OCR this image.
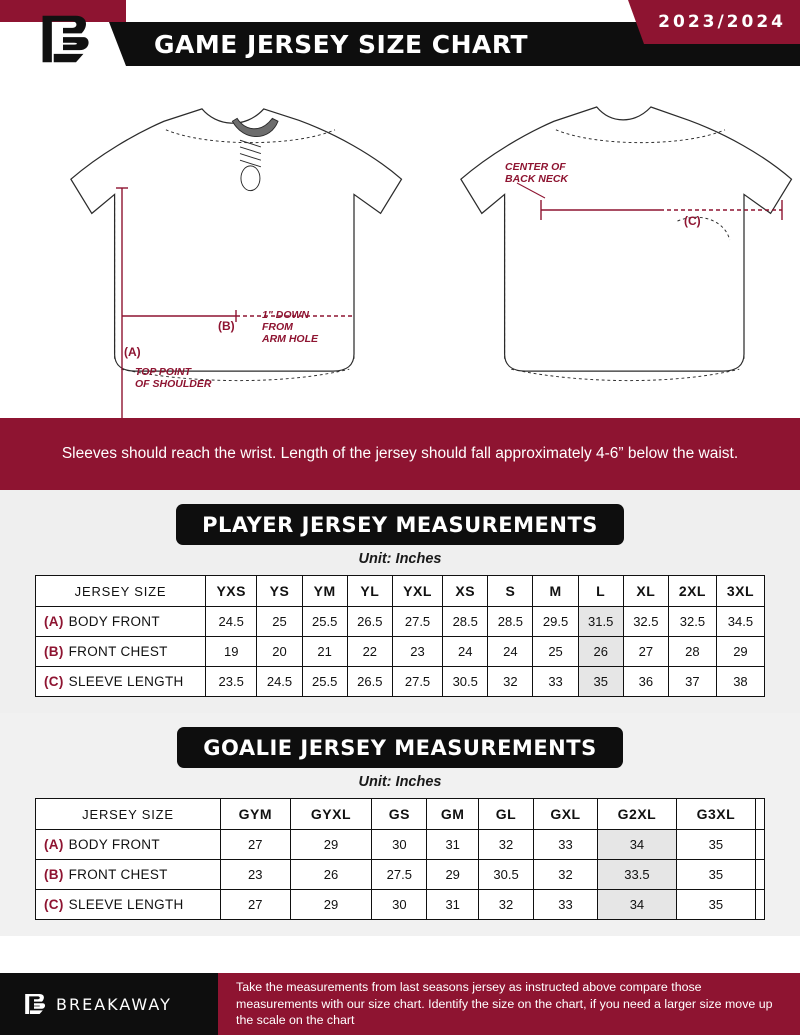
GAME JERSEY SIZE CHART
2023/2024
CENTER OF
BACK NECK
(C)
(B)
(A)
1" DOWN
FROM
ARM HOLE
TOP POINT
OF SHOULDER
Sleeves should reach the wrist. Length of the jersey should fall approximately 4-6” below the waist.
PLAYER JERSEY MEASUREMENTS
Unit: Inches
JERSEY SIZE	YXS	YS	YM	YL	YXL	XS	S	M	L	XL	2XL	3XL
(A) BODY FRONT	24.5	25	25.5	26.5	27.5	28.5	28.5	29.5	31.5	32.5	32.5	34.5
(B) FRONT CHEST	19	20	21	22	23	24	24	25	26	27	28	29
(C) SLEEVE LENGTH	23.5	24.5	25.5	26.5	27.5	30.5	32	33	35	36	37	38
GOALIE JERSEY MEASUREMENTS
Unit: Inches
JERSEY SIZE	GYM	GYXL	GS	GM	GL	GXL	G2XL	G3XL	
(A) BODY FRONT	27	29	30	31	32	33	34	35	
(B) FRONT CHEST	23	26	27.5	29	30.5	32	33.5	35	
(C) SLEEVE LENGTH	27	29	30	31	32	33	34	35	
BREAKAWAY
Take the measurements from last seasons jersey as instructed above compare those measurements with our size chart. Identify the size on the chart, if you need a larger size move up the scale on the chart
